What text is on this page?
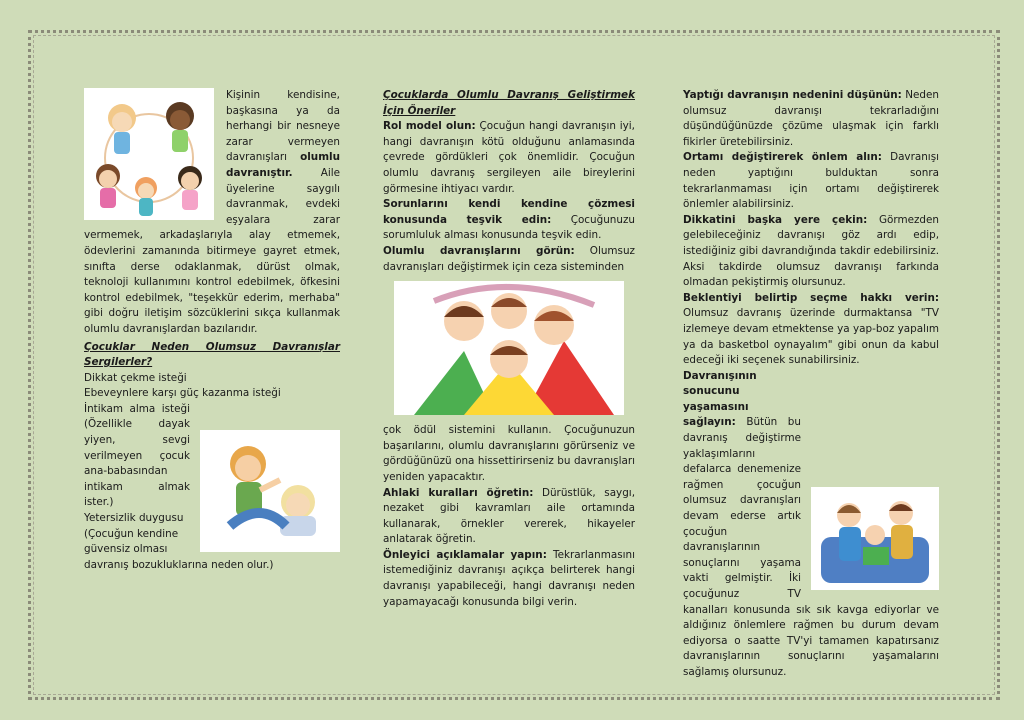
Kişinin kendisine, başkasına ya da herhangi bir nesneye zarar	vermeyen davranışları olumlu davranıştır.	Aile üyelerine saygılı davranmak, evdeki eşyalara zarar vermemek, arkadaşlarıyla alay etmemek, ödevlerini zamanında bitirmeye gayret etmek, sınıfta derse odaklanmak, dürüst olmak, teknoloji kullanımını kontrol edebilmek, öfkesini kontrol edebilmek, "teşekkür ederim, merhaba" gibi doğru iletişim sözcüklerini sıkça kullanmak olumlu davranışlardan bazılarıdır.

Çocuklar Neden Olumsuz Davranışlar Sergilerler?

Dikkat çekme isteği

Ebeveynlere karşı güç kazanma isteği

İntikam alma isteği (Özellikle dayak yiyen, sevgi verilmeyen çocuk ana-babasından intikam almak ister.)

Yetersizlik duygusu (Çocuğun kendine güvensiz olması davranış bozukluklarına neden olur.)

Çocuklarda Olumlu Davranış Geliştirmek İçin Öneriler

Rol model olun: Çocuğun hangi davranışın iyi, hangi davranışın kötü olduğunu anlamasında çevrede gördükleri çok önemlidir. Çocuğun olumlu davranış sergileyen aile bireylerini görmesine ihtiyacı vardır.

Sorunlarını kendi kendine çözmesi konusunda teşvik edin: Çocuğunuzu sorumluluk alması konusunda teşvik edin.

Olumlu davranışlarını görün: Olumsuz davranışları değiştirmek için ceza sisteminden

çok ödül sistemini kullanın. Çocuğunuzun başarılarını, olumlu davranışlarını görürseniz ve gördüğünüzü ona hissettirirseniz bu davranışları yeniden yapacaktır.

Ahlaki kuralları öğretin: Dürüstlük, saygı, nezaket gibi kavramları aile ortamında kullanarak, örnekler vererek, hikayeler anlatarak öğretin.

Önleyici açıklamalar yapın: Tekrarlanmasını istemediğiniz davranışı açıkça belirterek hangi davranışı yapabileceği, hangi davranışı neden yapamayacağı konusunda bilgi verin.

Yaptığı davranışın nedenini düşünün: Neden olumsuz davranışı tekrarladığını düşündüğünüzde çözüme ulaşmak için farklı fikirler üretebilirsiniz.

Ortamı değiştirerek önlem alın: Davranışı neden yaptığını bulduktan sonra tekrarlanmaması için ortamı değiştirerek önlemler alabilirsiniz.

Dikkatini başka yere çekin: Görmezden gelebileceğiniz davranışı göz ardı edip, istediğiniz gibi davrandığında takdir edebilirsiniz. Aksi takdirde olumsuz davranışı farkında olmadan pekiştirmiş olursunuz.

Beklentiyi belirtip seçme hakkı verin: Olumsuz davranış üzerinde durmaktansa "TV izlemeye devam etmektense ya yap-boz yapalım ya da basketbol oynayalım" gibi onun da kabul edeceği iki seçenek sunabilirsiniz.

Davranışının sonucunu yaşamasını sağlayın: Bütün bu davranış değiştirme yaklaşımlarını defalarca denemenize rağmen çocuğun olumsuz davranışları devam ederse artık çocuğun davranışlarının sonuçlarını yaşama vakti gelmiştir. İki çocuğunuz TV kanalları konusunda sık sık kavga ediyorlar ve aldığınız önlemlere rağmen bu durum devam ediyorsa o saatte TV'yi tamamen kapatırsanız davranışlarının sonuçlarını yaşamalarını sağlamış olursunuz.
